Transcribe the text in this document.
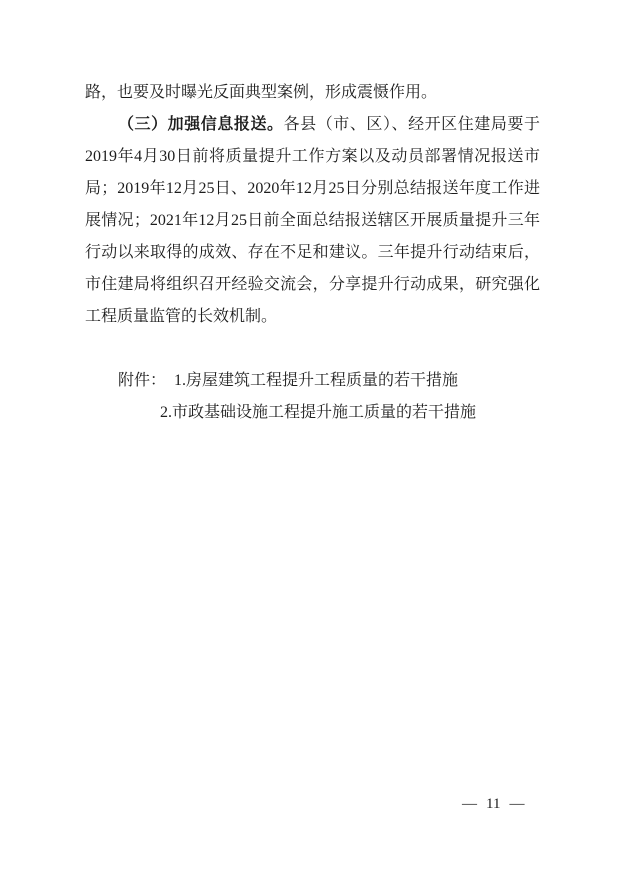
路，也要及时曝光反面典型案例，形成震慑作用。
（三）加强信息报送。各县（市、区）、经开区住建局要于
2019年4月30日前将质量提升工作方案以及动员部署情况报送市
局；2019年12月25日、2020年12月25日分别总结报送年度工作进
展情况；2021年12月25日前全面总结报送辖区开展质量提升三年
行动以来取得的成效、存在不足和建议。三年提升行动结束后，
市住建局将组织召开经验交流会，分享提升行动成果，研究强化
工程质量监管的长效机制。
附件： 1.房屋建筑工程提升工程质量的若干措施
2.市政基础设施工程提升施工质量的若干措施
— 11 —
